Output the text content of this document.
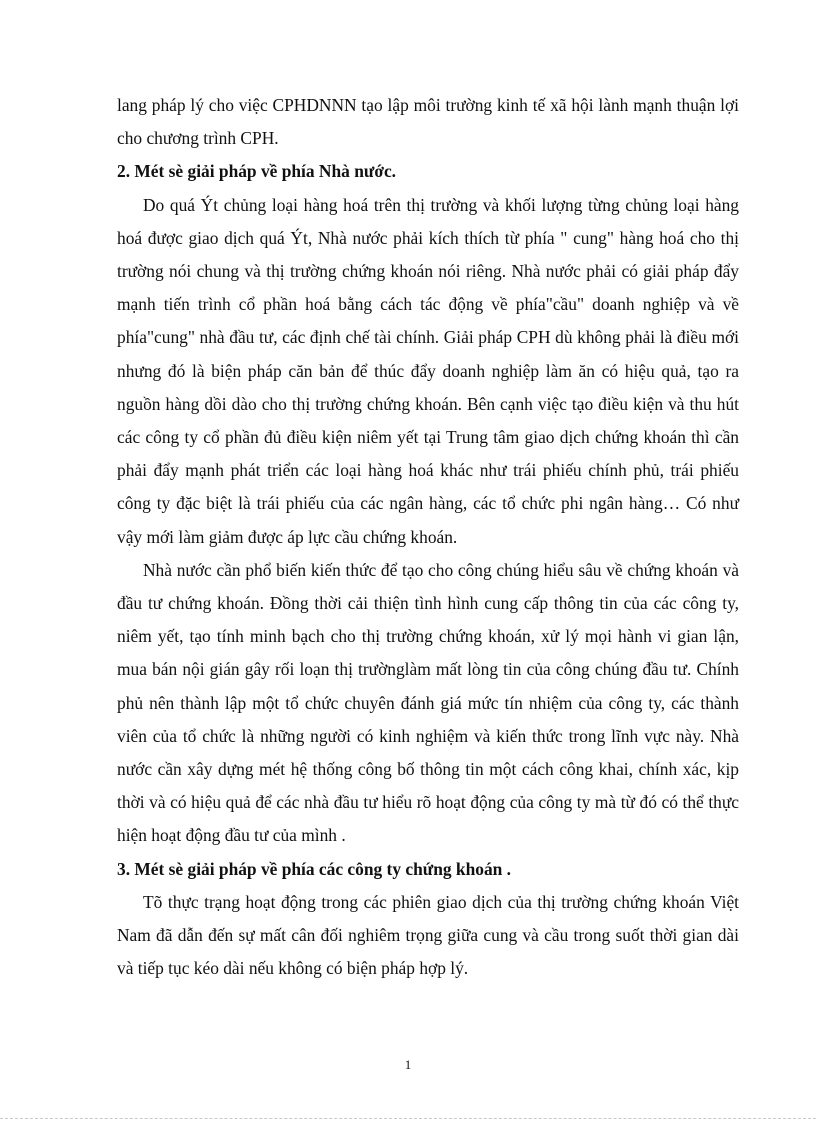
lang pháp lý cho việc CPHDNNN tạo lập môi trường kinh tế xã hội lành mạnh thuận lợi cho chương trình CPH.

2. Mét sè giải pháp về phía Nhà nước.

Do quá Ýt chủng loại hàng hoá trên thị trường và khối lượng từng chủng loại hàng hoá được giao dịch quá Ýt, Nhà nước phải kích thích từ phía " cung" hàng hoá cho thị trường nói chung và thị trường chứng khoán nói riêng. Nhà nước phải có giải pháp đẩy mạnh tiến trình cổ phần hoá bằng cách tác động về phía"cầu" doanh nghiệp và về phía"cung" nhà đầu tư, các định chế tài chính. Giải pháp CPH dù không phải là điều mới nhưng đó là biện pháp căn bản để thúc đẩy doanh nghiệp làm ăn có hiệu quả, tạo ra nguồn hàng dồi dào cho thị trường chứng khoán. Bên cạnh việc tạo điều kiện và thu hút các công ty cổ phần đủ điều kiện niêm yết tại Trung tâm giao dịch chứng khoán thì cần phải đẩy mạnh phát triển các loại hàng hoá khác như trái phiếu chính phủ, trái phiếu công ty đặc biệt là trái phiếu của các ngân hàng, các tổ chức phi ngân hàng… Có như vậy mới làm giảm được áp lực cầu chứng khoán.

Nhà nước cần phổ biến kiến thức để tạo cho công chúng hiểu sâu về chứng khoán và đầu tư chứng khoán. Đồng thời cải thiện tình hình cung cấp thông tin của các công ty, niêm yết, tạo tính minh bạch cho thị trường chứng khoán, xử lý mọi hành vi gian lận, mua bán nội gián gây rối loạn thị trườnglàm mất lòng tin của công chúng đầu tư. Chính phủ nên thành lập một tổ chức chuyên đánh giá mức tín nhiệm của công ty, các thành viên của tổ chức là những người có kinh nghiệm và kiến thức trong lĩnh vực này. Nhà nước cần xây dựng mét hệ thống công bố thông tin một cách công khai, chính xác, kịp thời và có hiệu quả để các nhà đầu tư hiểu rõ hoạt động của công ty mà từ đó có thể thực hiện hoạt động đầu tư của mình .

3. Mét sè giải pháp về phía các công ty chứng khoán .

Tõ thực trạng hoạt động trong các phiên giao dịch của thị trường chứng khoán Việt Nam đã dẫn đến sự mất cân đối nghiêm trọng giữa cung và cầu trong suốt thời gian dài và tiếp tục kéo dài nếu không có biện pháp hợp lý.

1
